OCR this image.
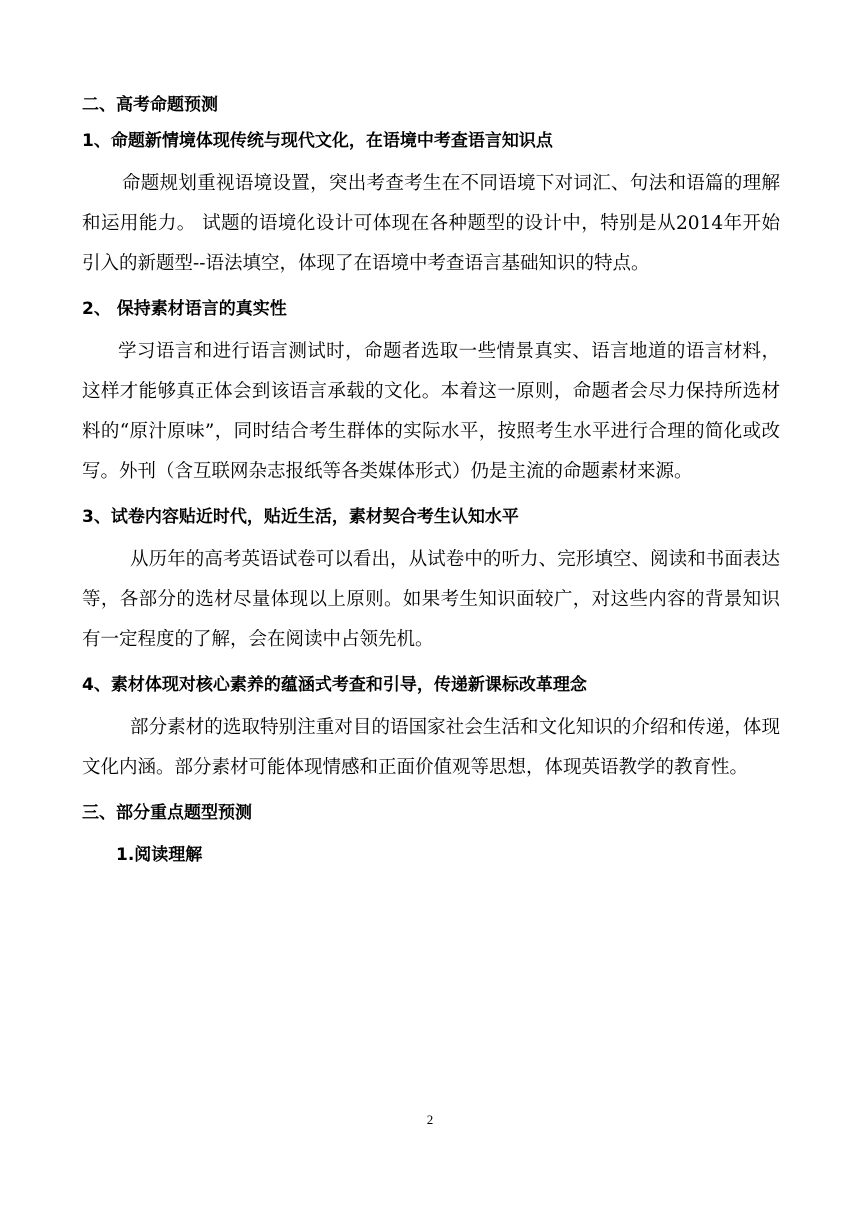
二、高考命题预测

1、命题新情境体现传统与现代文化，在语境中考查语言知识点

命题规划重视语境设置，突出考查考生在不同语境下对词汇、句法和语篇的理解和运用能力。 试题的语境化设计可体现在各种题型的设计中，特别是从2014年开始引入的新题型--语法填空，体现了在语境中考查语言基础知识的特点。

2、 保持素材语言的真实性

学习语言和进行语言测试时，命题者选取一些情景真实、语言地道的语言材料，这样才能够真正体会到该语言承载的文化。本着这一原则，命题者会尽力保持所选材料的“原汁原味”，同时结合考生群体的实际水平，按照考生水平进行合理的简化或改写。外刊（含互联网杂志报纸等各类媒体形式）仍是主流的命题素材来源。

3、试卷内容贴近时代，贴近生活，素材契合考生认知水平

从历年的高考英语试卷可以看出，从试卷中的听力、完形填空、阅读和书面表达等，各部分的选材尽量体现以上原则。如果考生知识面较广，对这些内容的背景知识有一定程度的了解，会在阅读中占领先机。

4、素材体现对核心素养的蕴涵式考查和引导，传递新课标改革理念

部分素材的选取特别注重对目的语国家社会生活和文化知识的介绍和传递，体现文化内涵。部分素材可能体现情感和正面价值观等思想，体现英语教学的教育性。

三、部分重点题型预测

1.阅读理解

2
